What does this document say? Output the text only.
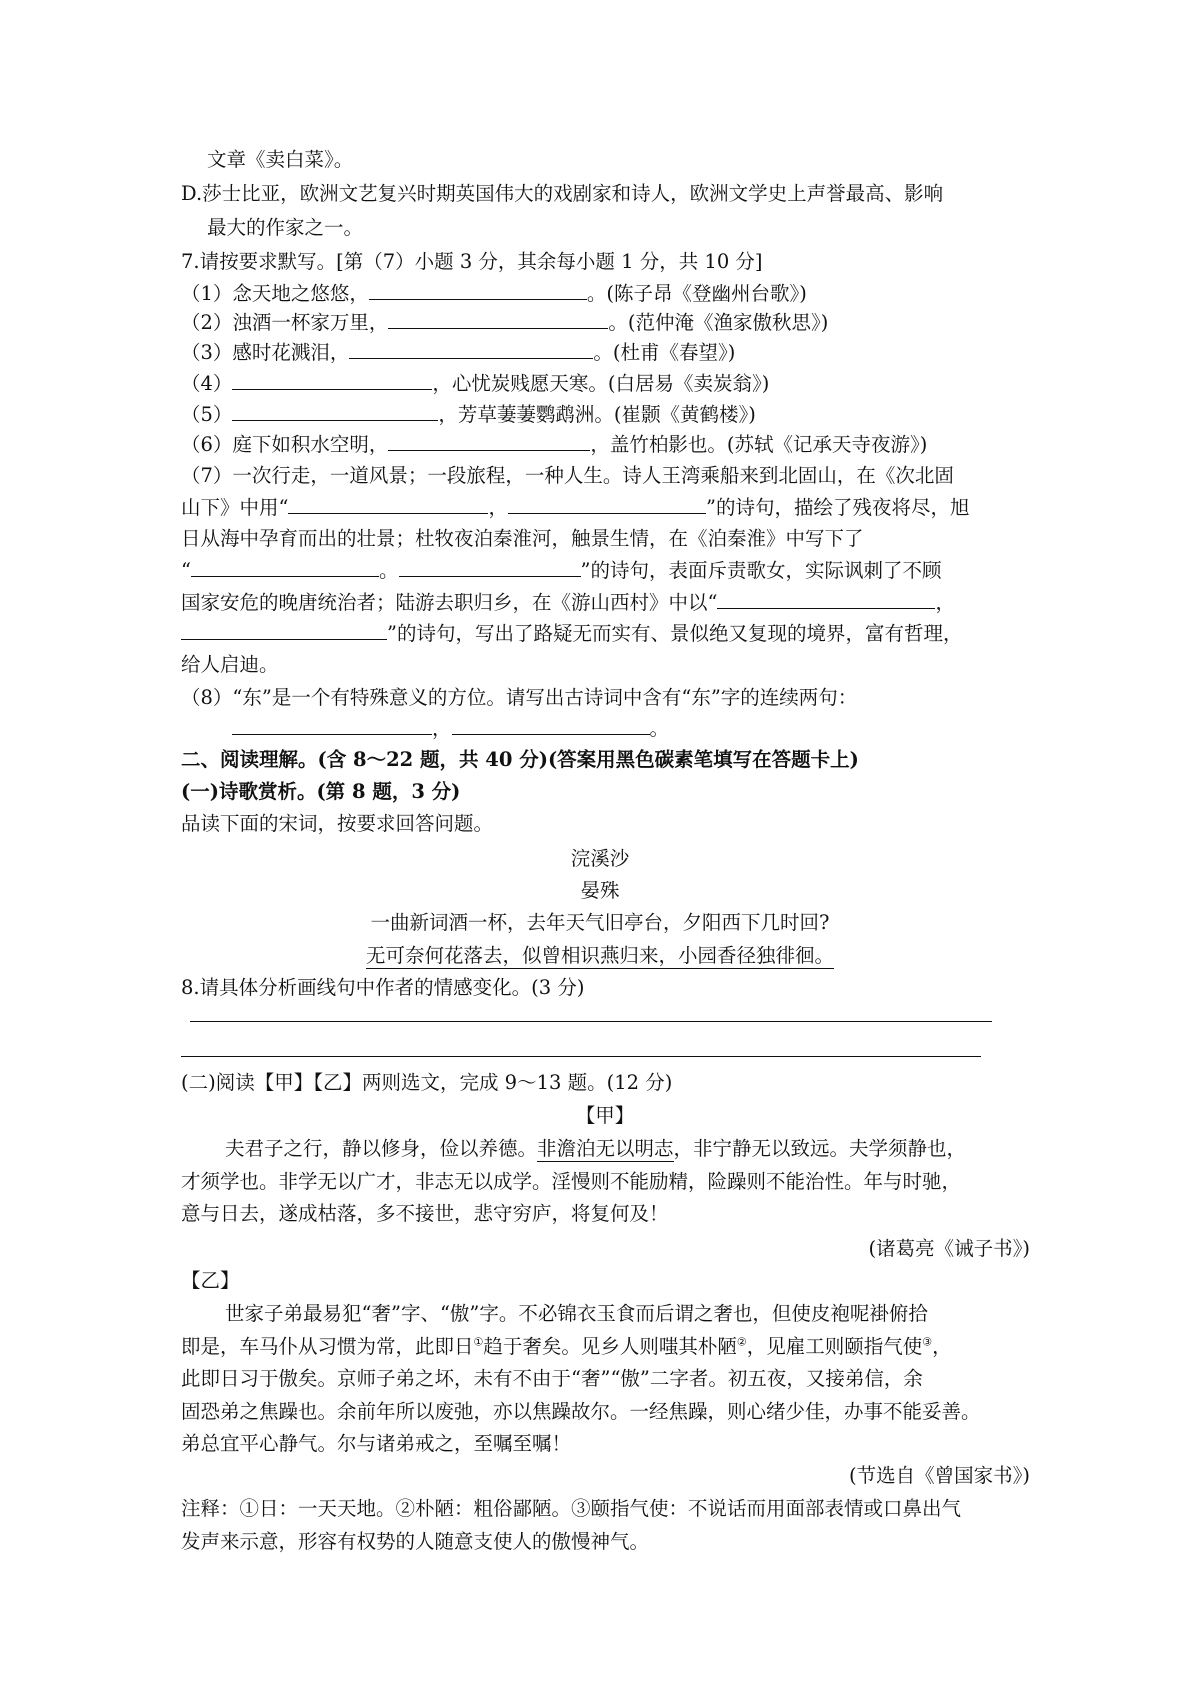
文章《卖白菜》。
D.莎士比亚，欧洲文艺复兴时期英国伟大的戏剧家和诗人，欧洲文学史上声誉最高、影响
最大的作家之一。
7.请按要求默写。[第（7）小题 3 分，其余每小题 1 分，共 10 分]
（1）念天地之悠悠，	。(陈子昂《登幽州台歌》)
（2）浊酒一杯家万里，	。(范仲淹《渔家傲秋思》)
（3）感时花溅泪，	。(杜甫《春望》)
（4）	，心忧炭贱愿天寒。(白居易《卖炭翁》)
（5）	，芳草萋萋鹦鹉洲。(崔颢《黄鹤楼》)
（6）庭下如积水空明，	，盖竹柏影也。(苏轼《记承天寺夜游》)
（7）一次行走，一道风景；一段旅程，一种人生。诗人王湾乘船来到北固山，在《次北固
山下》中用“	，	”的诗句，描绘了残夜将尽，旭
日从海中孕育而出的壮景；杜牧夜泊秦淮河，触景生情，在《泊秦淮》中写下了
“	。	”的诗句，表面斥责歌女，实际讽刺了不顾
国家安危的晚唐统治者；陆游去职归乡，在《游山西村》中以“	，
”的诗句，写出了路疑无而实有、景似绝又复现的境界，富有哲理，
给人启迪。
（8）“东”是一个有特殊意义的方位。请写出古诗词中含有“东”字的连续两句：
，	。
二、阅读理解。(含 8～22 题，共 40 分)(答案用黑色碳素笔填写在答题卡上)
(一)诗歌赏析。(第 8 题，3 分)
品读下面的宋词，按要求回答问题。
浣溪沙
晏殊
一曲新词酒一杯，去年天气旧亭台，夕阳西下几时回?
无可奈何花落去，似曾相识燕归来，小园香径独徘徊。
8.请具体分析画线句中作者的情感变化。(3 分)
(二)阅读【甲】【乙】两则选文，完成 9～13 题。(12 分)
【甲】
夫君子之行，静以修身，俭以养德。非澹泊无以明志，非宁静无以致远。夫学须静也，
才须学也。非学无以广才，非志无以成学。淫慢则不能励精，险躁则不能治性。年与时驰，
意与日去，遂成枯落，多不接世，悲守穷庐，将复何及！
(诸葛亮《诫子书》)
【乙】
世家子弟最易犯“奢”字、“傲”字。不必锦衣玉食而后谓之奢也，但使皮袍呢褂俯拾
即是，车马仆从习惯为常，此即日①趋于奢矣。见乡人则嗤其朴陋②，见雇工则颐指气使③，
此即日习于傲矣。京师子弟之坏，未有不由于“奢”“傲”二字者。初五夜，又接弟信，余
固恐弟之焦躁也。余前年所以废弛，亦以焦躁故尔。一经焦躁，则心绪少佳，办事不能妥善。
弟总宜平心静气。尔与诸弟戒之，至嘱至嘱！
(节选自《曾国家书》)
注释：①日：一天天地。②朴陋：粗俗鄙陋。③颐指气使：不说话而用面部表情或口鼻出气
发声来示意，形容有权势的人随意支使人的傲慢神气。
